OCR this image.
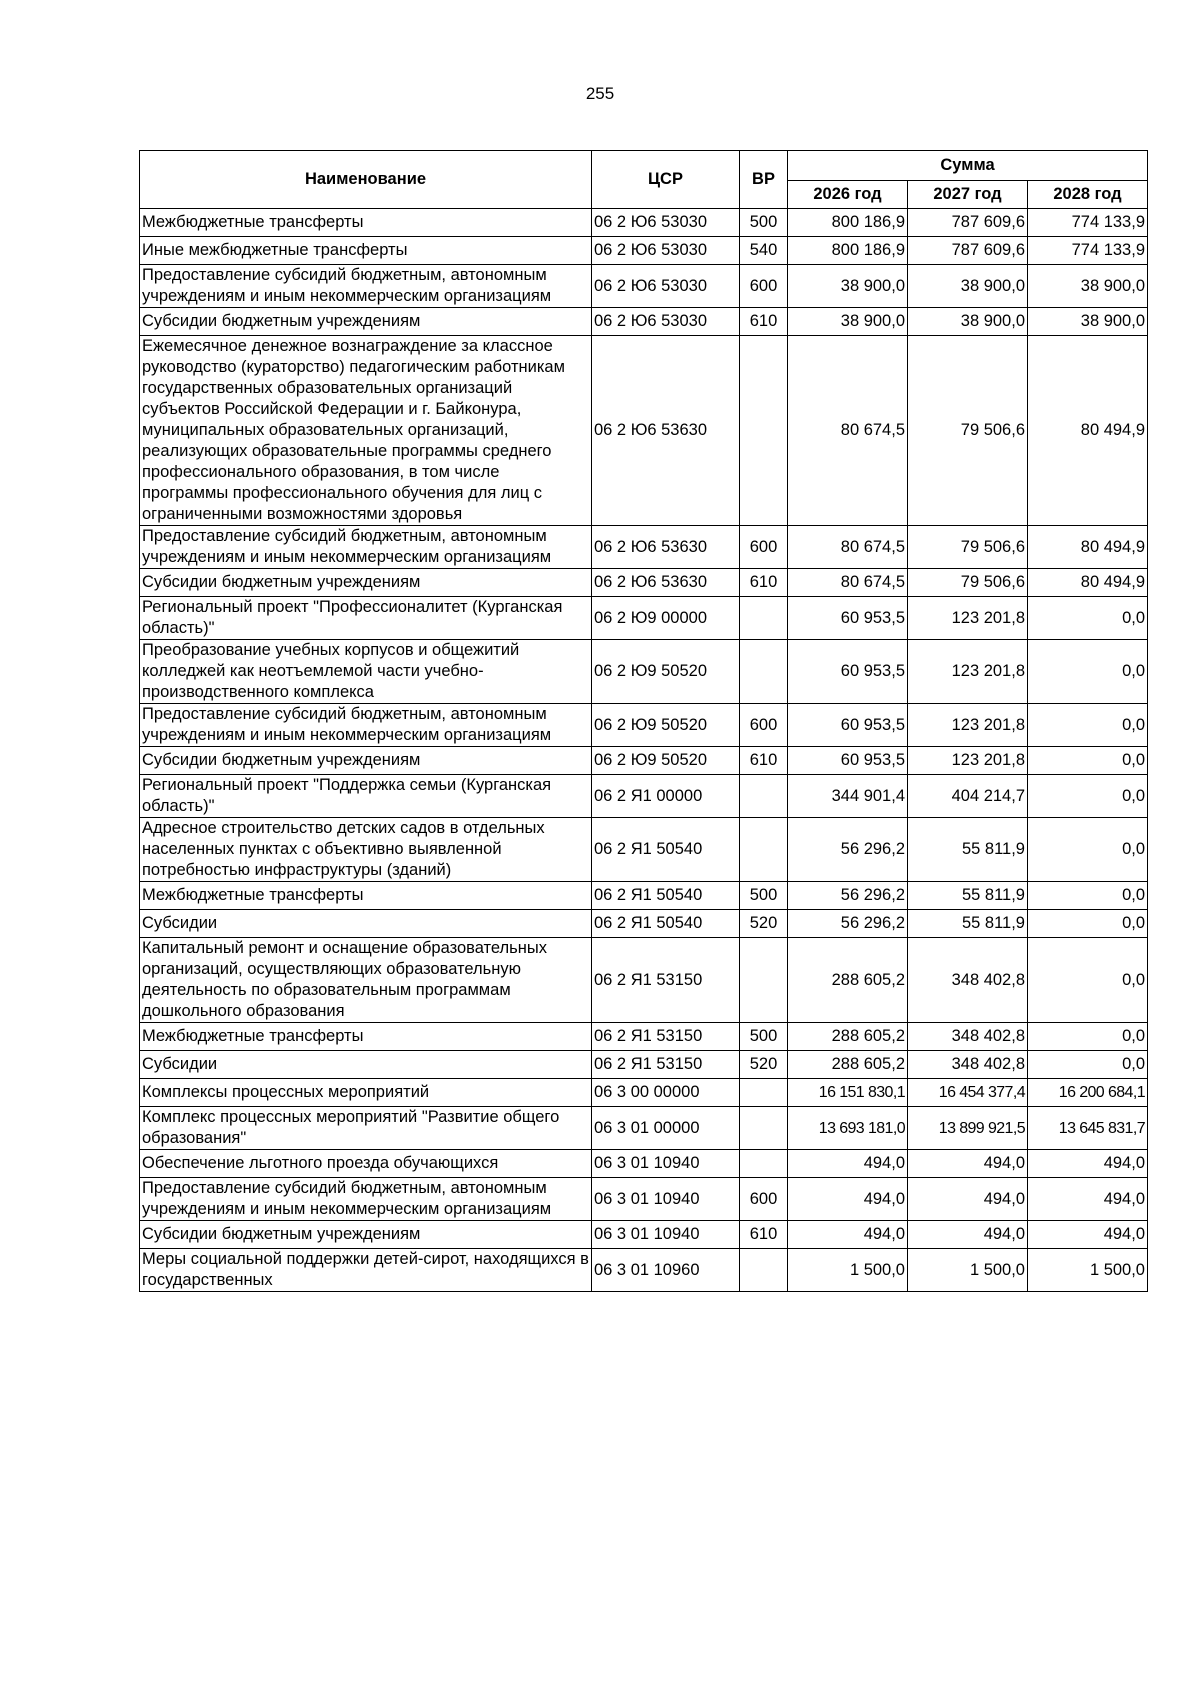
255
Наименование	ЦСР	ВР	Сумма		
			2026 год	2027 год	2028 год
Межбюджетные трансферты	06 2 Ю6 53030	500	800 186,9	787 609,6	774 133,9
Иные межбюджетные трансферты	06 2 Ю6 53030	540	800 186,9	787 609,6	774 133,9
Предоставление субсидий бюджетным, автономным учреждениям и иным некоммерческим организациям	06 2 Ю6 53030	600	38 900,0	38 900,0	38 900,0
Субсидии бюджетным учреждениям	06 2 Ю6 53030	610	38 900,0	38 900,0	38 900,0
Ежемесячное денежное вознаграждение за классное руководство (кураторство) педагогическим работникам государственных образовательных организаций субъектов Российской Федерации и г. Байконура, муниципальных образовательных организаций, реализующих образовательные программы среднего профессионального образования, в том числе программы профессионального обучения для лиц с ограниченными возможностями здоровья	06 2 Ю6 53630		80 674,5	79 506,6	80 494,9
Предоставление субсидий бюджетным, автономным учреждениям и иным некоммерческим организациям	06 2 Ю6 53630	600	80 674,5	79 506,6	80 494,9
Субсидии бюджетным учреждениям	06 2 Ю6 53630	610	80 674,5	79 506,6	80 494,9
Региональный проект "Профессионалитет (Курганская область)"	06 2 Ю9 00000		60 953,5	123 201,8	0,0
Преобразование учебных корпусов и общежитий колледжей как неотъемлемой части учебно-производственного комплекса	06 2 Ю9 50520		60 953,5	123 201,8	0,0
Предоставление субсидий бюджетным, автономным учреждениям и иным некоммерческим организациям	06 2 Ю9 50520	600	60 953,5	123 201,8	0,0
Субсидии бюджетным учреждениям	06 2 Ю9 50520	610	60 953,5	123 201,8	0,0
Региональный проект "Поддержка семьи (Курганская область)"	06 2 Я1 00000		344 901,4	404 214,7	0,0
Адресное строительство детских садов в отдельных населенных пунктах с объективно выявленной потребностью инфраструктуры (зданий)	06 2 Я1 50540		56 296,2	55 811,9	0,0
Межбюджетные трансферты	06 2 Я1 50540	500	56 296,2	55 811,9	0,0
Субсидии	06 2 Я1 50540	520	56 296,2	55 811,9	0,0
Капитальный ремонт и оснащение образовательных организаций, осуществляющих образовательную деятельность по образовательным программам дошкольного образования	06 2 Я1 53150		288 605,2	348 402,8	0,0
Межбюджетные трансферты	06 2 Я1 53150	500	288 605,2	348 402,8	0,0
Субсидии	06 2 Я1 53150	520	288 605,2	348 402,8	0,0
Комплексы процессных мероприятий	06 3 00 00000		16 151 830,1	16 454 377,4	16 200 684,1
Комплекс процессных мероприятий "Развитие общего образования"	06 3 01 00000		13 693 181,0	13 899 921,5	13 645 831,7
Обеспечение льготного проезда обучающихся	06 3 01 10940		494,0	494,0	494,0
Предоставление субсидий бюджетным, автономным учреждениям и иным некоммерческим организациям	06 3 01 10940	600	494,0	494,0	494,0
Субсидии бюджетным учреждениям	06 3 01 10940	610	494,0	494,0	494,0
Меры социальной поддержки детей-сирот, находящихся в государственных	06 3 01 10960		1 500,0	1 500,0	1 500,0
